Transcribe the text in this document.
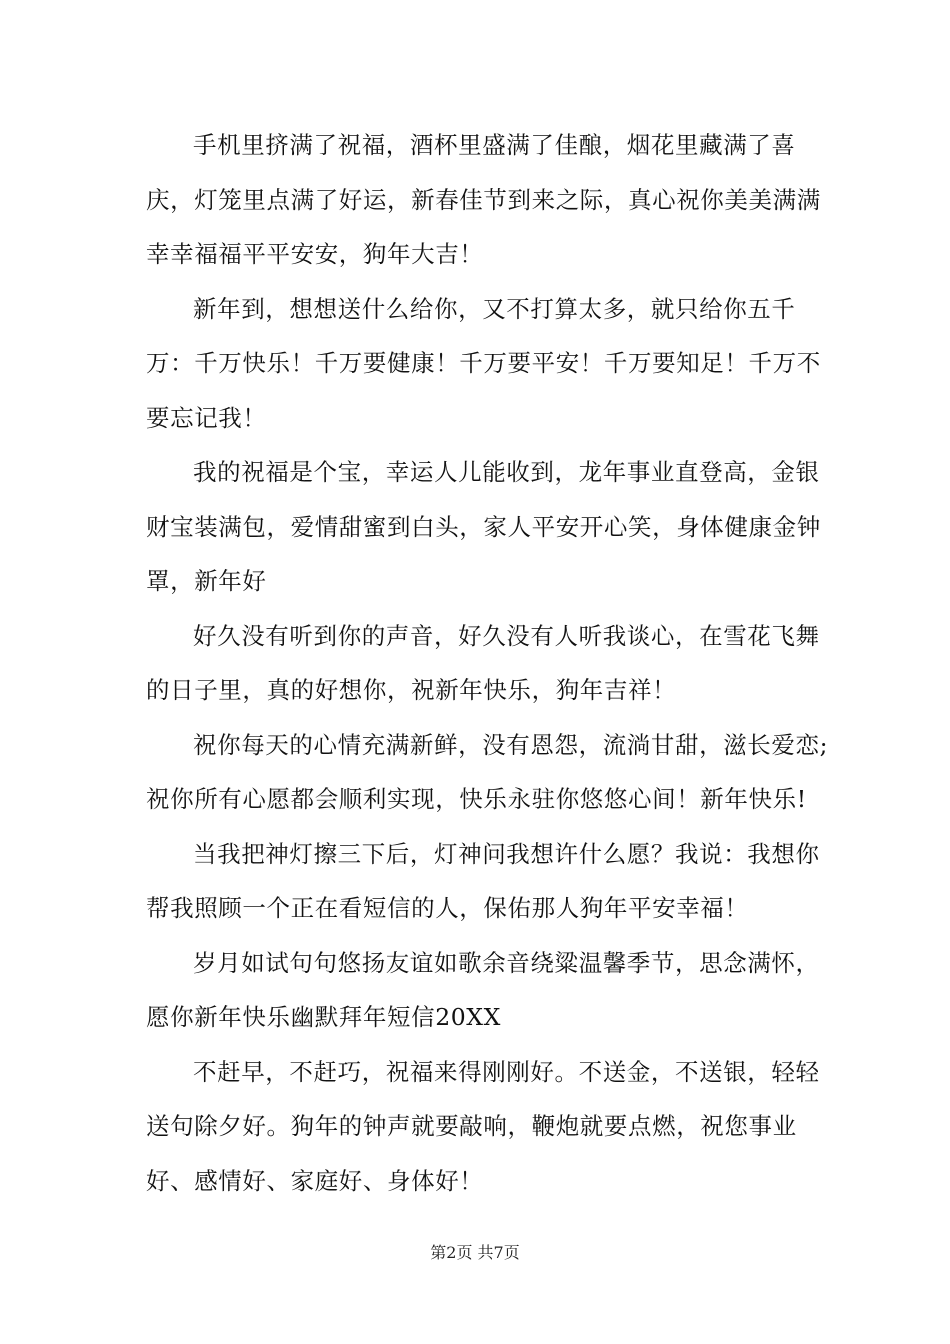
手机里挤满了祝福，酒杯里盛满了佳酿，烟花里藏满了喜庆，灯笼里点满了好运，新春佳节到来之际，真心祝你美美满满幸幸福福平平安安，狗年大吉！

新年到，想想送什么给你，又不打算太多，就只给你五千万：千万快乐！千万要健康！千万要平安！千万要知足！千万不要忘记我！

我的祝福是个宝，幸运人儿能收到，龙年事业直登高，金银财宝装满包，爱情甜蜜到白头，家人平安开心笑，身体健康金钟罩，新年好

好久没有听到你的声音，好久没有人听我谈心，在雪花飞舞的日子里，真的好想你，祝新年快乐，狗年吉祥！

祝你每天的心情充满新鲜，没有恩怨，流淌甘甜，滋长爱恋;祝你所有心愿都会顺利实现，快乐永驻你悠悠心间！新年快乐!

当我把神灯擦三下后，灯神问我想许什么愿？我说：我想你帮我照顾一个正在看短信的人，保佑那人狗年平安幸福！

岁月如试句句悠扬友谊如歌余音绕粱温馨季节，思念满怀，愿你新年快乐幽默拜年短信20XX

不赶早，不赶巧，祝福来得刚刚好。不送金，不送银，轻轻送句除夕好。狗年的钟声就要敲响，鞭炮就要点燃，祝您事业好、感情好、家庭好、身体好！

第2页 共7页
